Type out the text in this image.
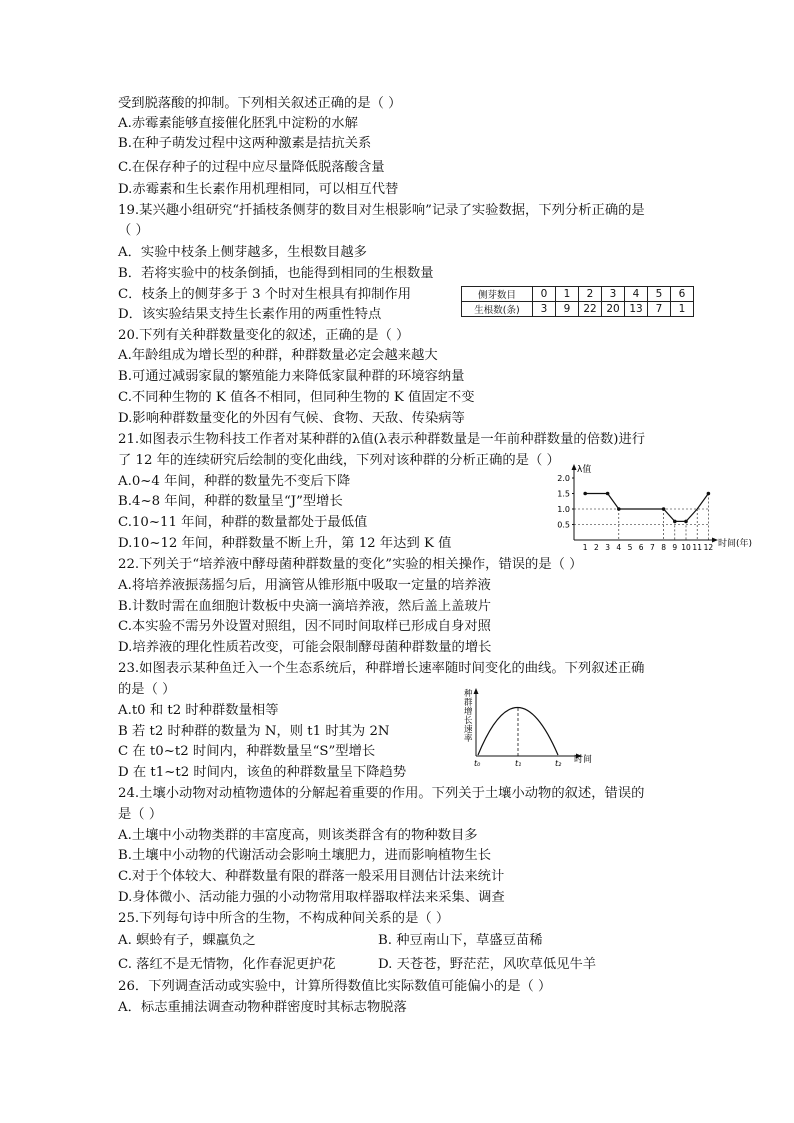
受到脱落酸的抑制。下列相关叙述正确的是（ ）
A.赤霉素能够直接催化胚乳中淀粉的水解
B.在种子萌发过程中这两种激素是拮抗关系
C.在保存种子的过程中应尽量降低脱落酸含量
D.赤霉素和生长素作用机理相同，可以相互代替
19.某兴趣小组研究“扦插枝条侧芽的数目对生根影响”记录了实验数据，下列分析正确的是
（ ）
A．实验中枝条上侧芽越多，生根数目越多
B．若将实验中的枝条倒插，也能得到相同的生根数量
C．枝条上的侧芽多于 3 个时对生根具有抑制作用
D．该实验结果支持生长素作用的两重性特点
20.下列有关种群数量变化的叙述，正确的是（ ）
A.年龄组成为增长型的种群，种群数量必定会越来越大
B.可通过减弱家鼠的繁殖能力来降低家鼠种群的环境容纳量
C.不同种生物的 K 值各不相同，但同种生物的 K 值固定不变
D.影响种群数量变化的外因有气候、食物、天敌、传染病等
21.如图表示生物科技工作者对某种群的λ值(λ表示种群数量是一年前种群数量的倍数)进行
了 12 年的连续研究后绘制的变化曲线，下列对该种群的分析正确的是（ ）
A.0~4 年间，种群的数量先不变后下降
B.4~8 年间，种群的数量呈“J”型增长
C.10~11 年间，种群的数量都处于最低值
D.10~12 年间，种群数量不断上升，第 12 年达到 K 值
22.下列关于“培养液中酵母菌种群数量的变化”实验的相关操作，错误的是（ ）
A.将培养液振荡摇匀后，用滴管从锥形瓶中吸取一定量的培养液
B.计数时需在血细胞计数板中央滴一滴培养液，然后盖上盖玻片
C.本实验不需另外设置对照组，因不同时间取样已形成自身对照
D.培养液的理化性质若改变，可能会限制酵母菌种群数量的增长
23.如图表示某种鱼迁入一个生态系统后，种群增长速率随时间变化的曲线。下列叙述正确
的是（ ）
A.t0 和 t2 时种群数量相等
B 若 t2 时种群的数量为 N，则 t1 时其为 2N
C 在 t0~t2 时间内，种群数量呈“S”型增长
D 在 t1~t2 时间内，该鱼的种群数量呈下降趋势
24.土壤小动物对动植物遗体的分解起着重要的作用。下列关于土壤小动物的叙述，错误的
是（ ）
A.土壤中小动物类群的丰富度高，则该类群含有的物种数目多
B.土壤中小动物的代谢活动会影响土壤肥力，进而影响植物生长
C.对于个体较大、种群数量有限的群落一般采用目测估计法来统计
D.身体微小、活动能力强的小动物常用取样器取样法来采集、调查
25.下列每句诗中所含的生物，不构成种间关系的是（ ）
A. 螟蛉有子，蜾蠃负之	B. 种豆南山下，草盛豆苗稀
C. 落红不是无情物，化作春泥更护花	D. 天苍苍，野茫茫，风吹草低见牛羊
26．下列调查活动或实验中，计算所得数值比实际数值可能偏小的是（ ）
A．标志重捕法调查动物种群密度时其标志物脱落
侧芽数目	0	1	2	3	4	5	6
生根数(条)	3	9	22	20	13	7	1
λ值
时间(年)
0.5
1.0
1.5
2.0
1 2 3 4 5 6 7 8 9 10 11 12
种群增长速率
时间
t₀	t₁	t₂
